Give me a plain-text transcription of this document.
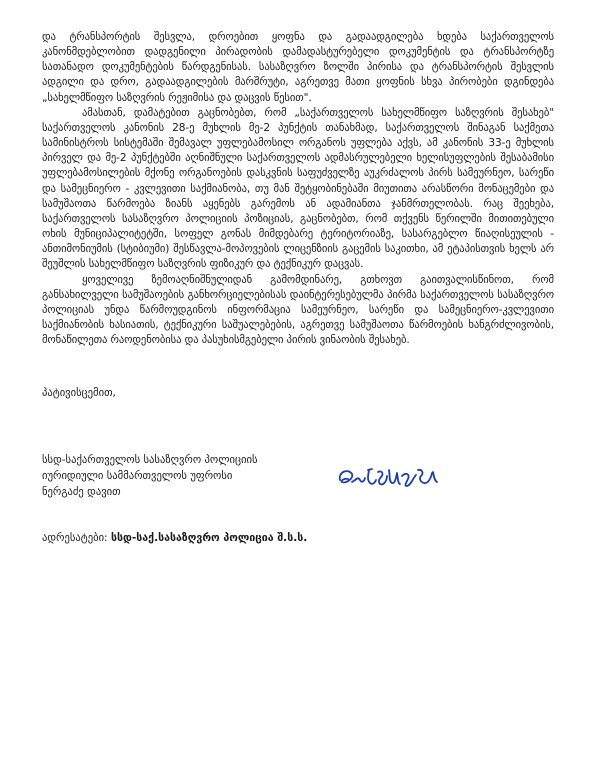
და ტრანსპორტის შესვლა, დროებით ყოფნა და გადაადგილება ხდება საქართველოს კანონმდებლობით დადგენილი პირადობის დამადასტურებელი დოკუმენტის და ტრანსპორტზე სათანადო დოკუმენტების წარდგენისას. სასაზღვრო ზოლში პირისა და ტრანსპორტის შესვლის ადგილი და დრო, გადაადგილების მარშრუტი, აგრეთვე მათი ყოფნის სხვა პირობები დგინდება „სახელმწიფო საზღვრის რეჟიმისა და დაცვის წესით".

ამასთან, დამატებით გაცნობებთ, რომ „საქართველოს სახელმწიფო საზღვრის შესახებ" საქართველოს კანონის 28-ე მუხლის მე-2 პუნქტის თანახმად, საქართველოს შინაგან საქმეთა სამინისტროს სისტემაში შემავალ უფლებამოსილ ორგანოს უფლება აქვს, ამ კანონის 33-ე მუხლის პირველ და მე-2 პუნქტებში აღნიშნული საქართველოს ადმასრულებელი ხელისუფლების შესაბამისი უფლებამოსილების მქონე ორგანოების დასკვნის საფუძველზე აუკრძალოს პირს სამეურნეო, სარეწი და სამეცნიერო - კვლევითი საქმიანობა, თუ მან შეტყობინებაში მიუთითა არასწორი მონაცემები და სამუშაოთა წარმოება ზიანს აყენებს გარემოს ან ადამიანთა ჯანმრთელობას. რაც შეეხება, საქართველოს სასაზღვრო პოლიციის პოზიციას, გაცნობებთ, რომ თქვენს წერილში მითითებული ოხის მუნიციპალიტეტში, სოფელ გონას მიმდებარე ტერიტორიაზე, სასარგებლო წიაღისეულის - ანთიმონიუმის (სტიბიუმი) შესწავლა-მოპოვების ლიცენზიის გაცემის საკითხი, ამ ეტაპისთვის ხელს არ შეუშლის სახელმწიფო საზღვრის ფიზიკურ და ტექნიკურ დაცვას.

ყოველივე ზემოაღნიშნულიდან გამომდინარე, გთხოვთ გაითვალისწინოთ, რომ განსახილველი სამუშაოების განხორციელებისას დაინტერესებულმა პირმა საქართველოს სასაზღვრო პოლიციას უნდა წარმოუდგინოს ინფორმაცია სამეურნეო, სარეწი და სამეცნიერო-კვლევითი საქმიანობის ხასიათის, ტექნიკური საშუალებების, აგრეთვე სამუშაოთა წარმოების ხანგრძლივობის, მონაწილეთა რაოდენობისა და პასუხისმგებელი პირის ვინაობის შესახებ.

პატივისცემით,
სსდ-საქართველოს სასაზღვრო პოლიციის
იურიდიული სამმართველოს უფროსი
ნერგაძე დავით
ადრესატები: სსდ-საქ.სასაზღვრო პოლიცია შ.ს.ს.
